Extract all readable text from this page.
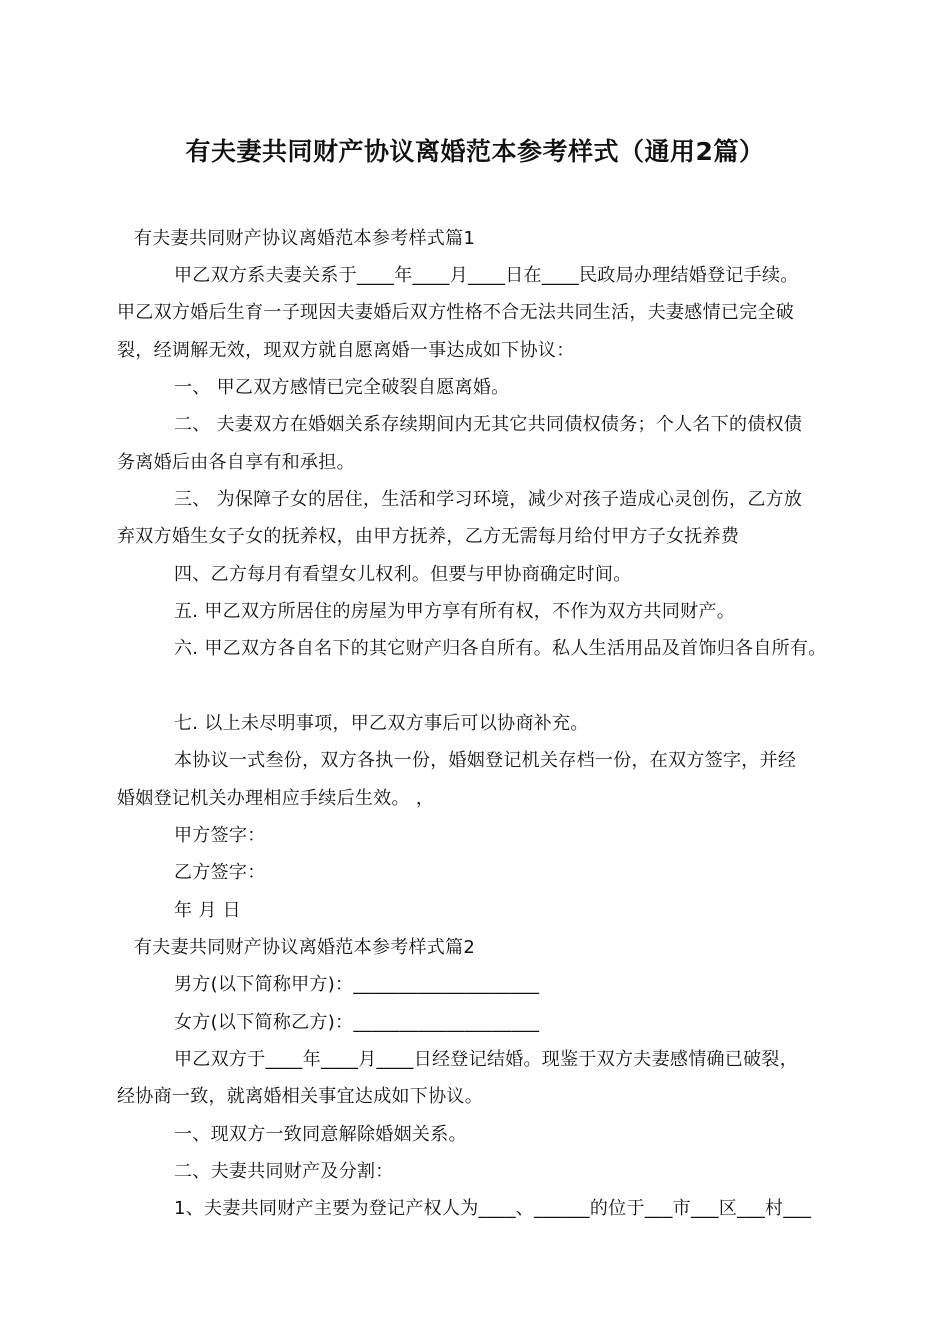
有夫妻共同财产协议离婚范本参考样式（通用2篇）
有夫妻共同财产协议离婚范本参考样式篇1
甲乙双方系夫妻关系于____年____月____日在____民政局办理结婚登记手续。
甲乙双方婚后生育一子现因夫妻婚后双方性格不合无法共同生活，夫妻感情已完全破
裂，经调解无效，现双方就自愿离婚一事达成如下协议：
一、 甲乙双方感情已完全破裂自愿离婚。
二、 夫妻双方在婚姻关系存续期间内无其它共同债权债务；个人名下的债权债
务离婚后由各自享有和承担。
三、 为保障子女的居住，生活和学习环境，减少对孩子造成心灵创伤，乙方放
弃双方婚生女子女的抚养权，由甲方抚养，乙方无需每月给付甲方子女抚养费
四、乙方每月有看望女儿权利。但要与甲协商确定时间。
五. 甲乙双方所居住的房屋为甲方享有所有权，不作为双方共同财产。
六. 甲乙双方各自名下的其它财产归各自所有。私人生活用品及首饰归各自所有。
七. 以上未尽明事项，甲乙双方事后可以协商补充。
本协议一式叁份，双方各执一份，婚姻登记机关存档一份，在双方签字，并经
婚姻登记机关办理相应手续后生效。 ，
甲方签字：
乙方签字：
年 月 日
有夫妻共同财产协议离婚范本参考样式篇2
男方(以下简称甲方)：____________________
女方(以下简称乙方)：____________________
甲乙双方于____年____月____日经登记结婚。现鉴于双方夫妻感情确已破裂，
经协商一致，就离婚相关事宜达成如下协议。
一、现双方一致同意解除婚姻关系。
二、夫妻共同财产及分割：
1、夫妻共同财产主要为登记产权人为____、______的位于___市___区___村___
